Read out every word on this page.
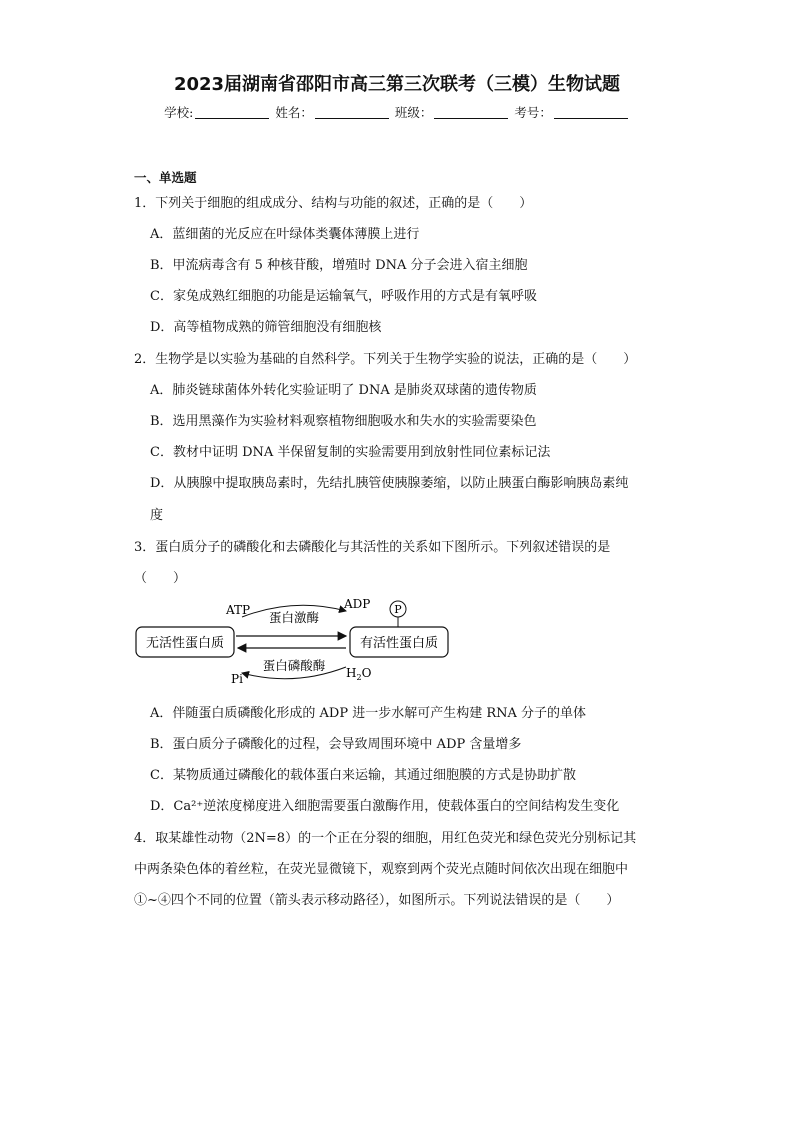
2023届湖南省邵阳市高三第三次联考（三模）生物试题
学校:	姓名：	班级：	考号：
一、单选题
1．下列关于细胞的组成成分、结构与功能的叙述，正确的是（　　）
A．蓝细菌的光反应在叶绿体类囊体薄膜上进行
B．甲流病毒含有 5 种核苷酸，增殖时 DNA 分子会进入宿主细胞
C．家兔成熟红细胞的功能是运输氧气，呼吸作用的方式是有氧呼吸
D．高等植物成熟的筛管细胞没有细胞核
2．生物学是以实验为基础的自然科学。下列关于生物学实验的说法，正确的是（　　）
A．肺炎链球菌体外转化实验证明了 DNA 是肺炎双球菌的遗传物质
B．选用黑藻作为实验材料观察植物细胞吸水和失水的实验需要染色
C．教材中证明 DNA 半保留复制的实验需要用到放射性同位素标记法
D．从胰腺中提取胰岛素时，先结扎胰管使胰腺萎缩，以防止胰蛋白酶影响胰岛素纯
度
3．蛋白质分子的磷酸化和去磷酸化与其活性的关系如下图所示。下列叙述错误的是
（　　）
无活性蛋白质	有活性蛋白质
ATP	ADP
蛋白激酶
蛋白磷酸酶
Pi	$H_2O$
P
A．伴随蛋白质磷酸化形成的 ADP 进一步水解可产生构建 RNA 分子的单体
B．蛋白质分子磷酸化的过程，会导致周围环境中 ADP 含量增多
C．某物质通过磷酸化的载体蛋白来运输，其通过细胞膜的方式是协助扩散
D．Ca²⁺逆浓度梯度进入细胞需要蛋白激酶作用，使载体蛋白的空间结构发生变化
4．取某雄性动物（2N=8）的一个正在分裂的细胞，用红色荧光和绿色荧光分别标记其
中两条染色体的着丝粒，在荧光显微镜下，观察到两个荧光点随时间依次出现在细胞中
①~④四个不同的位置（箭头表示移动路径），如图所示。下列说法错误的是（　　）
